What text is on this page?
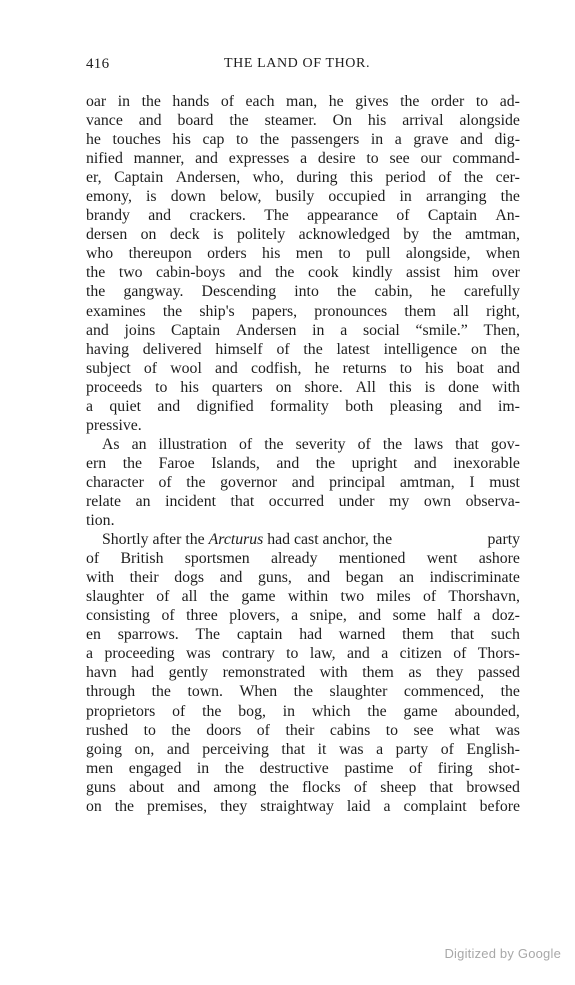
416	THE LAND OF THOR.
oar in the hands of each man, he gives the order to ad-
vance and board the steamer. On his arrival alongside
he touches his cap to the passengers in a grave and dig-
nified manner, and expresses a desire to see our command-
er, Captain Andersen, who, during this period of the cer-
emony, is down below, busily occupied in arranging the
brandy and crackers. The appearance of Captain An-
dersen on deck is politely acknowledged by the amtman,
who thereupon orders his men to pull alongside, when
the two cabin-boys and the cook kindly assist him over
the gangway. Descending into the cabin, he carefully
examines the ship's papers, pronounces them all right,
and joins Captain Andersen in a social “smile.” Then,
having delivered himself of the latest intelligence on the
subject of wool and codfish, he returns to his boat and
proceeds to his quarters on shore. All this is done with
a quiet and dignified formality both pleasing and im-
pressive.
As an illustration of the severity of the laws that gov-
ern the Faroe Islands, and the upright and inexorable
character of the governor and principal amtman, I must
relate an incident that occurred under my own observa-
tion.
Shortly after the Arcturus had cast anchor, the	party
of British sportsmen already mentioned went ashore
with their dogs and guns, and began an indiscriminate
slaughter of all the game within two miles of Thorshavn,
consisting of three plovers, a snipe, and some half a doz-
en sparrows. The captain had warned them that such
a proceeding was contrary to law, and a citizen of Thors-
havn had gently remonstrated with them as they passed
through the town. When the slaughter commenced, the
proprietors of the bog, in which the game abounded,
rushed to the doors of their cabins to see what was
going on, and perceiving that it was a party of English-
men engaged in the destructive pastime of firing shot-
guns about and among the flocks of sheep that browsed
on the premises, they straightway laid a complaint before
Digitized by Google
